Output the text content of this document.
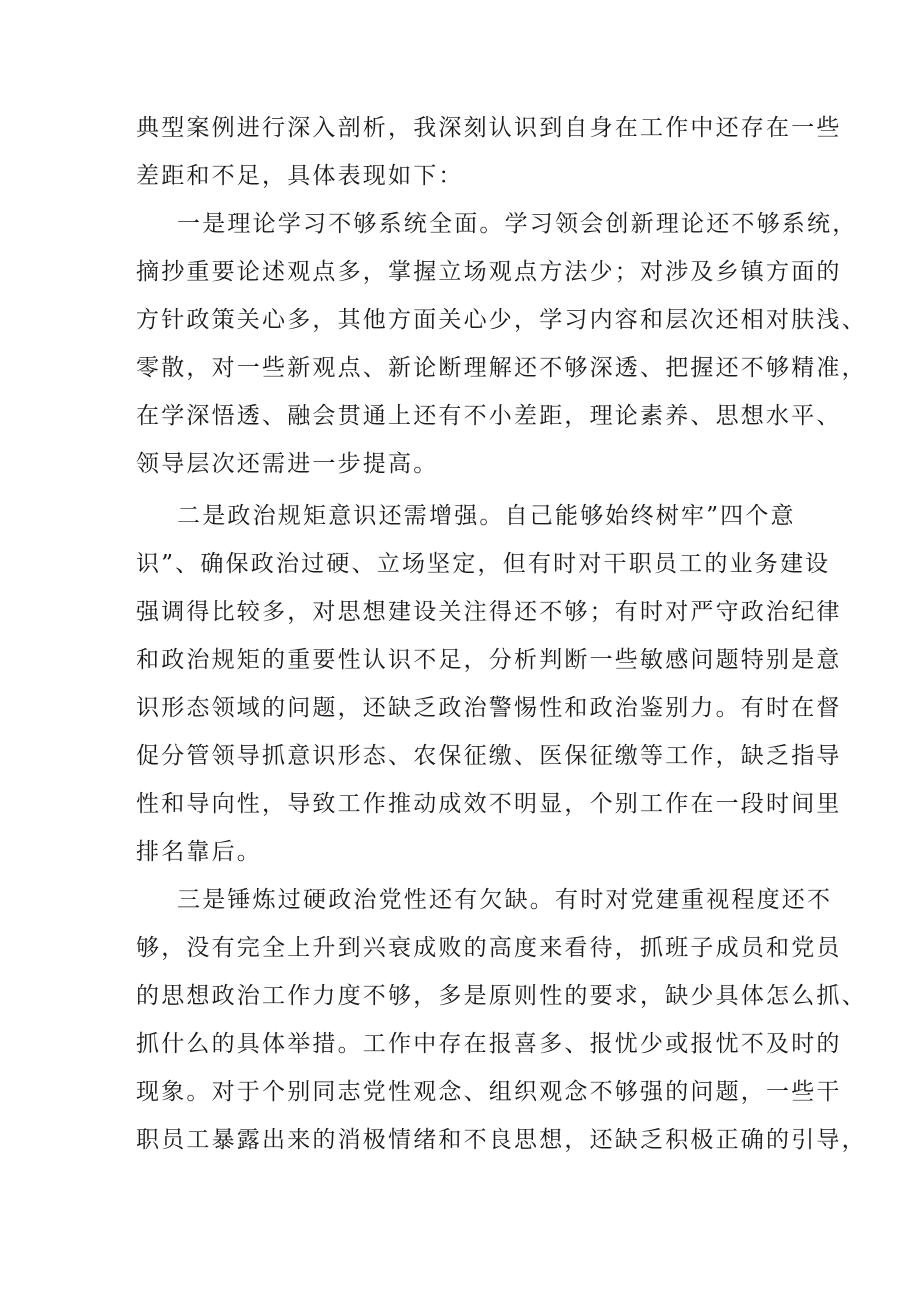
典型案例进行深入剖析，我深刻认识到自身在工作中还存在一些

差距和不足，具体表现如下：

一是理论学习不够系统全面。学习领会创新理论还不够系统，

摘抄重要论述观点多，掌握立场观点方法少；对涉及乡镇方面的

方针政策关心多，其他方面关心少，学习内容和层次还相对肤浅、

零散，对一些新观点、新论断理解还不够深透、把握还不够精准，

在学深悟透、融会贯通上还有不小差距，理论素养、思想水平、

领导层次还需进一步提高。

二是政治规矩意识还需增强。自己能够始终树牢”四个意

识”、确保政治过硬、立场坚定，但有时对干职员工的业务建设

强调得比较多，对思想建设关注得还不够；有时对严守政治纪律

和政治规矩的重要性认识不足，分析判断一些敏感问题特别是意

识形态领域的问题，还缺乏政治警惕性和政治鉴别力。有时在督

促分管领导抓意识形态、农保征缴、医保征缴等工作，缺乏指导

性和导向性，导致工作推动成效不明显，个别工作在一段时间里

排名靠后。

三是锤炼过硬政治党性还有欠缺。有时对党建重视程度还不

够，没有完全上升到兴衰成败的高度来看待，抓班子成员和党员

的思想政治工作力度不够，多是原则性的要求，缺少具体怎么抓、

抓什么的具体举措。工作中存在报喜多、报忧少或报忧不及时的

现象。对于个别同志党性观念、组织观念不够强的问题，一些干

职员工暴露出来的消极情绪和不良思想，还缺乏积极正确的引导，
